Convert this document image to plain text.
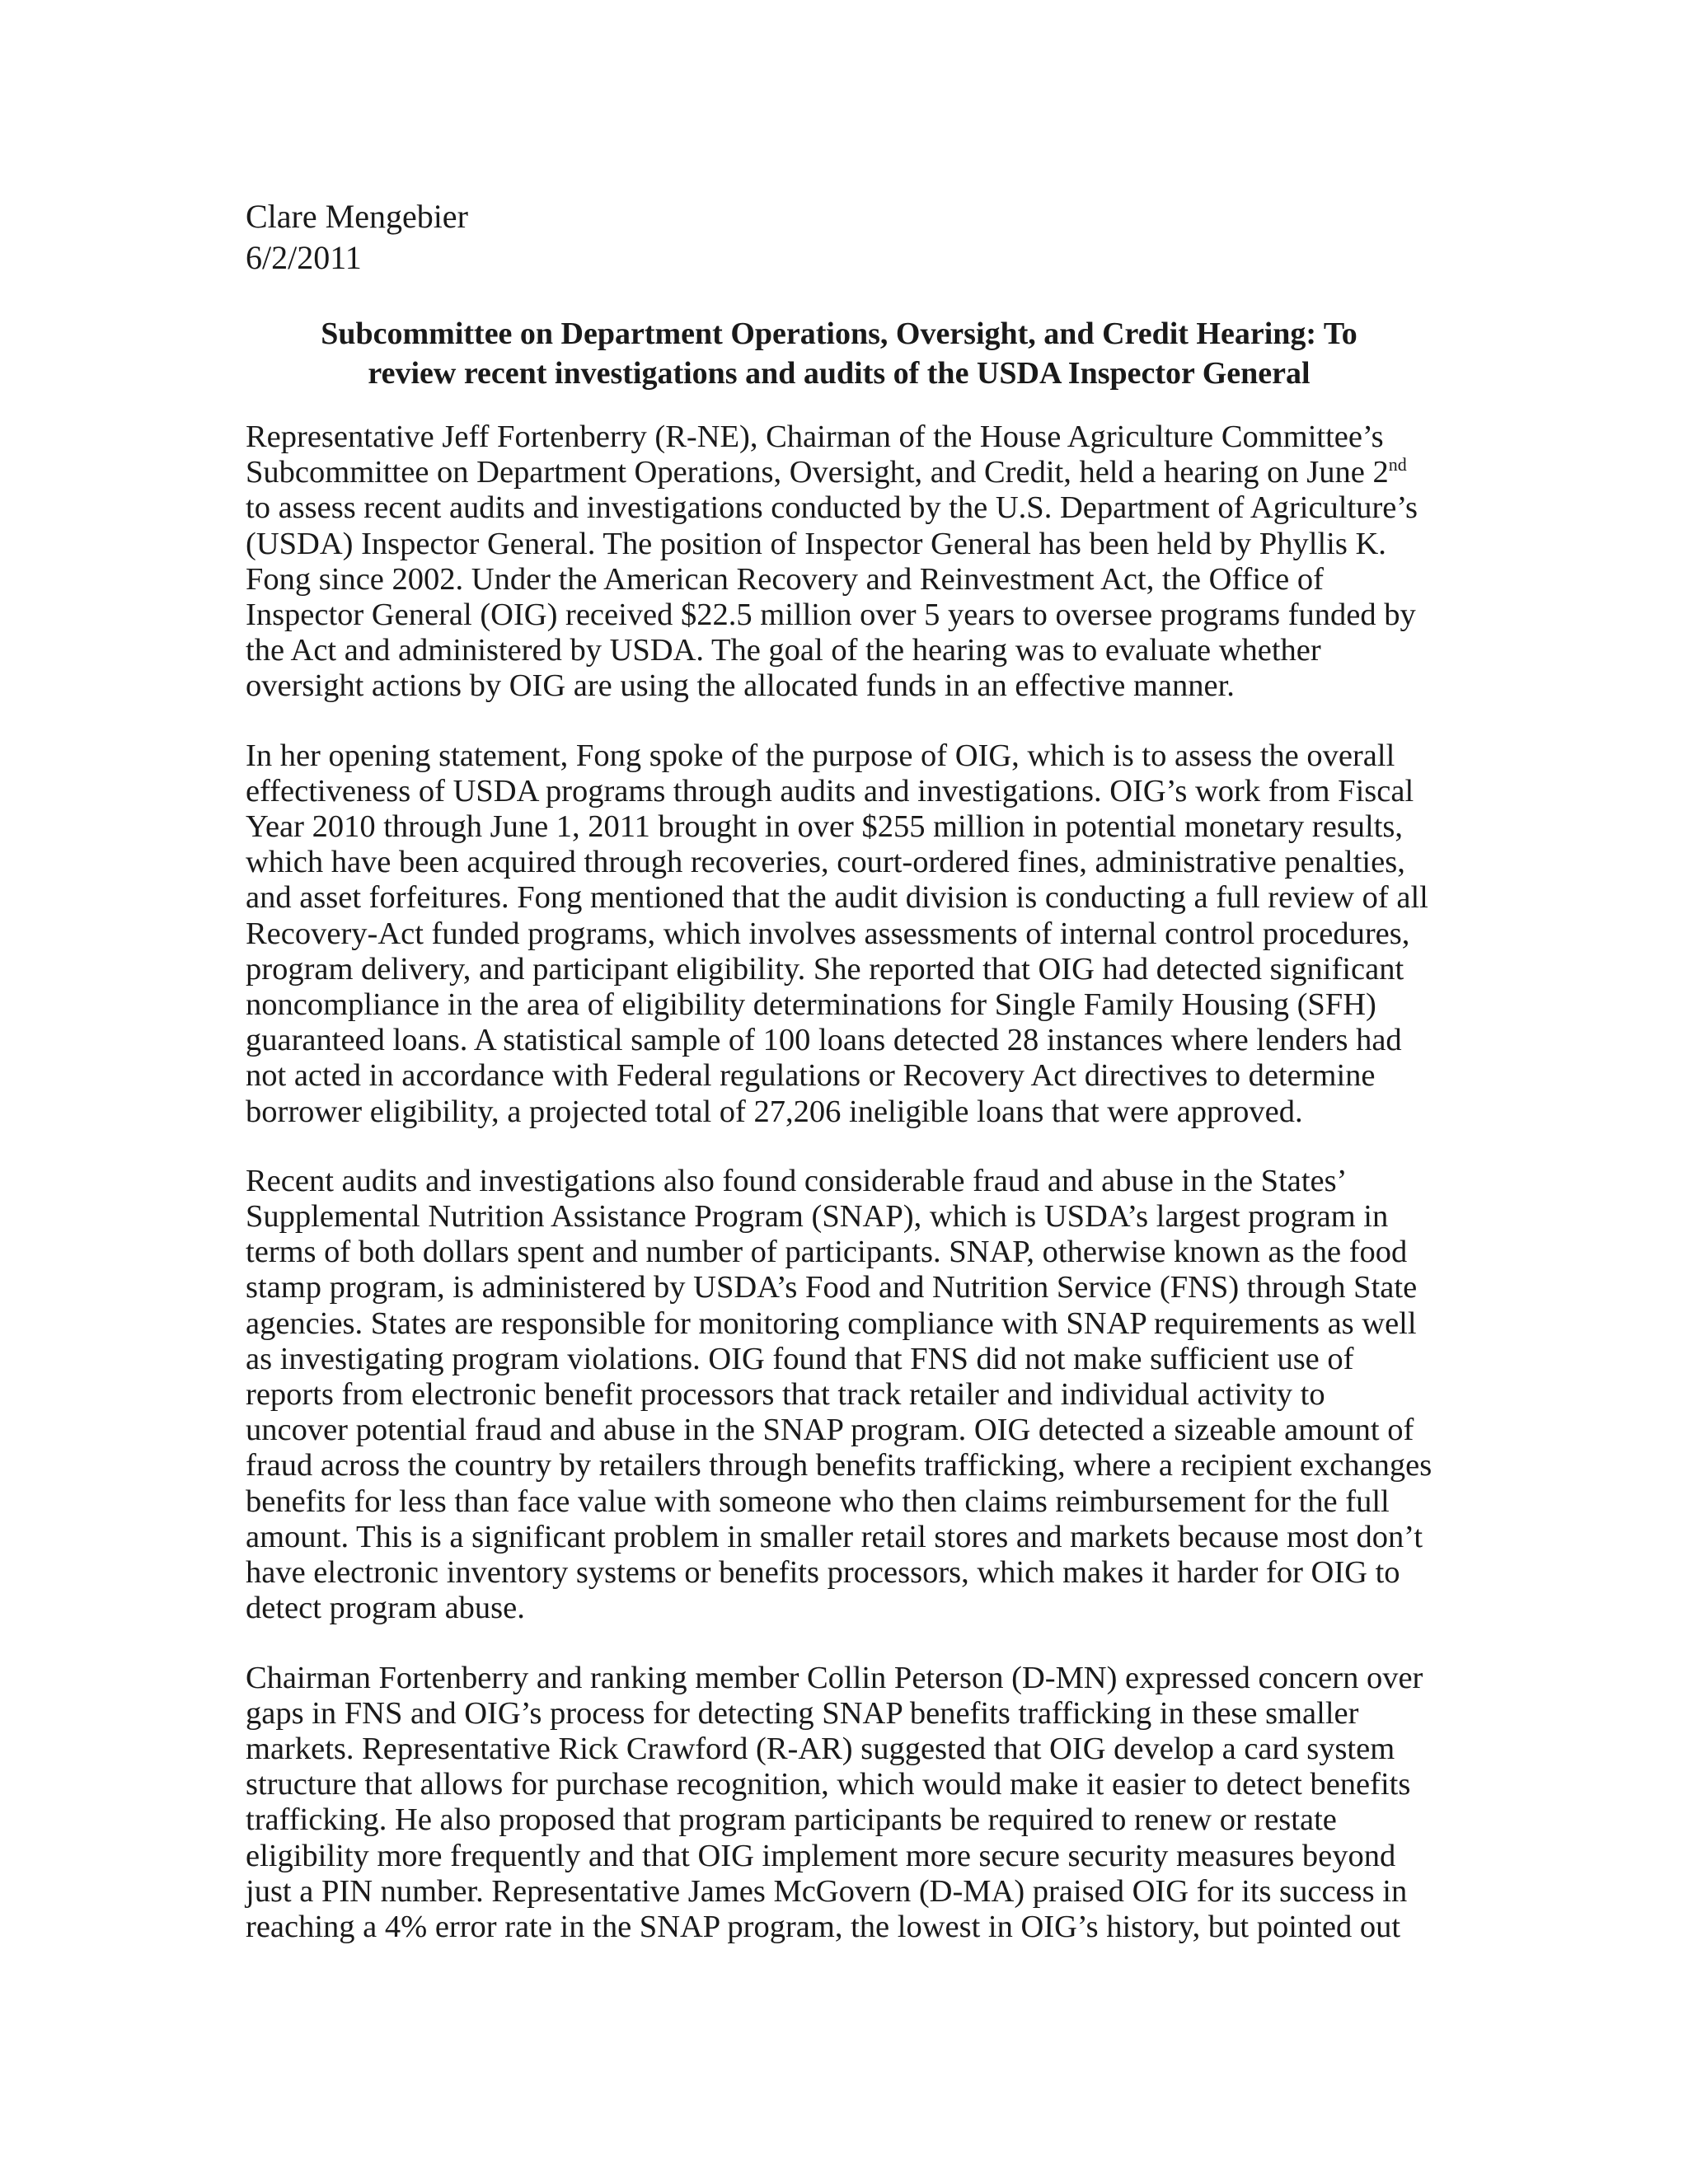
Clare Mengebier

6/2/2011

Subcommittee on Department Operations, Oversight, and Credit Hearing: To
review recent investigations and audits of the USDA Inspector General

Representative Jeff Fortenberry (R-NE), Chairman of the House Agriculture Committee’s Subcommittee on Department Operations, Oversight, and Credit, held a hearing on June 2nd to assess recent audits and investigations conducted by the U.S. Department of Agriculture’s (USDA) Inspector General. The position of Inspector General has been held by Phyllis K. Fong since 2002. Under the American Recovery and Reinvestment Act, the Office of Inspector General (OIG) received $22.5 million over 5 years to oversee programs funded by the Act and administered by USDA. The goal of the hearing was to evaluate whether oversight actions by OIG are using the allocated funds in an effective manner.

In her opening statement, Fong spoke of the purpose of OIG, which is to assess the overall effectiveness of USDA programs through audits and investigations. OIG’s work from Fiscal Year 2010 through June 1, 2011 brought in over $255 million in potential monetary results, which have been acquired through recoveries, court-ordered fines, administrative penalties, and asset forfeitures. Fong mentioned that the audit division is conducting a full review of all Recovery-Act funded programs, which involves assessments of internal control procedures, program delivery, and participant eligibility. She reported that OIG had detected significant noncompliance in the area of eligibility determinations for Single Family Housing (SFH) guaranteed loans. A statistical sample of 100 loans detected 28 instances where lenders had not acted in accordance with Federal regulations or Recovery Act directives to determine borrower eligibility, a projected total of 27,206 ineligible loans that were approved.

Recent audits and investigations also found considerable fraud and abuse in the States’ Supplemental Nutrition Assistance Program (SNAP), which is USDA’s largest program in terms of both dollars spent and number of participants. SNAP, otherwise known as the food stamp program, is administered by USDA’s Food and Nutrition Service (FNS) through State agencies. States are responsible for monitoring compliance with SNAP requirements as well as investigating program violations. OIG found that FNS did not make sufficient use of reports from electronic benefit processors that track retailer and individual activity to uncover potential fraud and abuse in the SNAP program. OIG detected a sizeable amount of fraud across the country by retailers through benefits trafficking, where a recipient exchanges benefits for less than face value with someone who then claims reimbursement for the full amount. This is a significant problem in smaller retail stores and markets because most don’t have electronic inventory systems or benefits processors, which makes it harder for OIG to detect program abuse.

Chairman Fortenberry and ranking member Collin Peterson (D-MN) expressed concern over gaps in FNS and OIG’s process for detecting SNAP benefits trafficking in these smaller markets. Representative Rick Crawford (R-AR) suggested that OIG develop a card system structure that allows for purchase recognition, which would make it easier to detect benefits trafficking. He also proposed that program participants be required to renew or restate eligibility more frequently and that OIG implement more secure security measures beyond just a PIN number. Representative James McGovern (D-MA) praised OIG for its success in reaching a 4% error rate in the SNAP program, the lowest in OIG’s history, but pointed out
